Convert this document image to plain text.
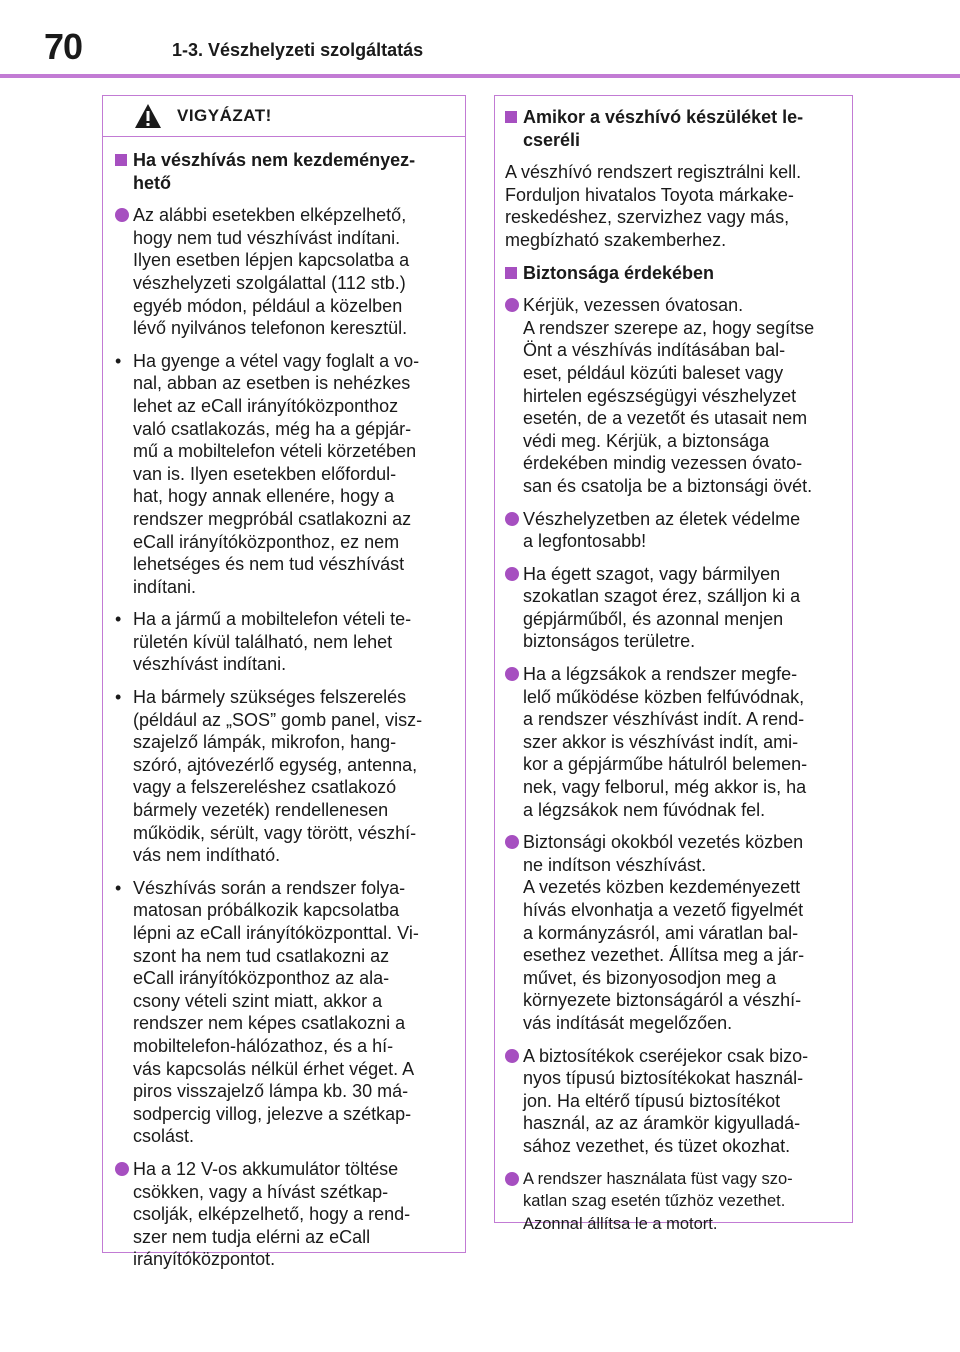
70	1-3. Vészhelyzeti szolgáltatás
VIGYÁZAT!
Ha vészhívás nem kezdeményez-
hető
Az alábbi esetekben elképzelhető,
hogy nem tud vészhívást indítani.
Ilyen esetben lépjen kapcsolatba a
vészhelyzeti szolgálattal (112 stb.)
egyéb módon, például a közelben
lévő nyilvános telefonon keresztül.
• Ha gyenge a vétel vagy foglalt a vo-
nal, abban az esetben is nehézkes
lehet az eCall irányítóközponthoz
való csatlakozás, még ha a gépjár-
mű a mobiltelefon vételi körzetében
van is. Ilyen esetekben előfordul-
hat, hogy annak ellenére, hogy a
rendszer megpróbál csatlakozni az
eCall irányítóközponthoz, ez nem
lehetséges és nem tud vészhívást
indítani.
• Ha a jármű a mobiltelefon vételi te-
rületén kívül található, nem lehet
vészhívást indítani.
• Ha bármely szükséges felszerelés
(például az „SOS” gomb panel, visz-
szajelző lámpák, mikrofon, hang-
szóró, ajtóvezérlő egység, antenna,
vagy a felszereléshez csatlakozó
bármely vezeték) rendellenesen
működik, sérült, vagy törött, vészhí-
vás nem indítható.
• Vészhívás során a rendszer folya-
matosan próbálkozik kapcsolatba
lépni az eCall irányítóközponttal. Vi-
szont ha nem tud csatlakozni az
eCall irányítóközponthoz az ala-
csony vételi szint miatt, akkor a
rendszer nem képes csatlakozni a
mobiltelefon-hálózathoz, és a hí-
vás kapcsolás nélkül érhet véget. A
piros visszajelző lámpa kb. 30 má-
sodpercig villog, jelezve a szétkap-
csolást.
Ha a 12 V-os akkumulátor töltése
csökken, vagy a hívást szétkap-
csolják, elképzelhető, hogy a rend-
szer nem tudja elérni az eCall
irányítóközpontot.
Amikor a vészhívó készüléket le-
cseréli
A vészhívó rendszert regisztrálni kell.
Forduljon hivatalos Toyota márkake-
reskedéshez, szervizhez vagy más,
megbízható szakemberhez.
Biztonsága érdekében
Kérjük, vezessen óvatosan.
A rendszer szerepe az, hogy segítse
Önt a vészhívás indításában bal-
eset, például közúti baleset vagy
hirtelen egészségügyi vészhelyzet
esetén, de a vezetőt és utasait nem
védi meg. Kérjük, a biztonsága
érdekében mindig vezessen óvato-
san és csatolja be a biztonsági övét.
Vészhelyzetben az életek védelme
a legfontosabb!
Ha égett szagot, vagy bármilyen
szokatlan szagot érez, szálljon ki a
gépjárműből, és azonnal menjen
biztonságos területre.
Ha a légzsákok a rendszer megfe-
lelő működése közben felfúvódnak,
a rendszer vészhívást indít. A rend-
szer akkor is vészhívást indít, ami-
kor a gépjárműbe hátulról belemen-
nek, vagy felborul, még akkor is, ha
a légzsákok nem fúvódnak fel.
Biztonsági okokból vezetés közben
ne indítson vészhívást.
A vezetés közben kezdeményezett
hívás elvonhatja a vezető figyelmét
a kormányzásról, ami váratlan bal-
esethez vezethet. Állítsa meg a jár-
művet, és bizonyosodjon meg a
környezete biztonságáról a vészhí-
vás indítását megelőzően.
A biztosítékok cseréjekor csak bizo-
nyos típusú biztosítékokat használ-
jon. Ha eltérő típusú biztosítékot
használ, az az áramkör kigyulladá-
sához vezethet, és tüzet okozhat.
A rendszer használata füst vagy szo-
katlan szag esetén tűzhöz vezethet.
Azonnal állítsa le a motort.
